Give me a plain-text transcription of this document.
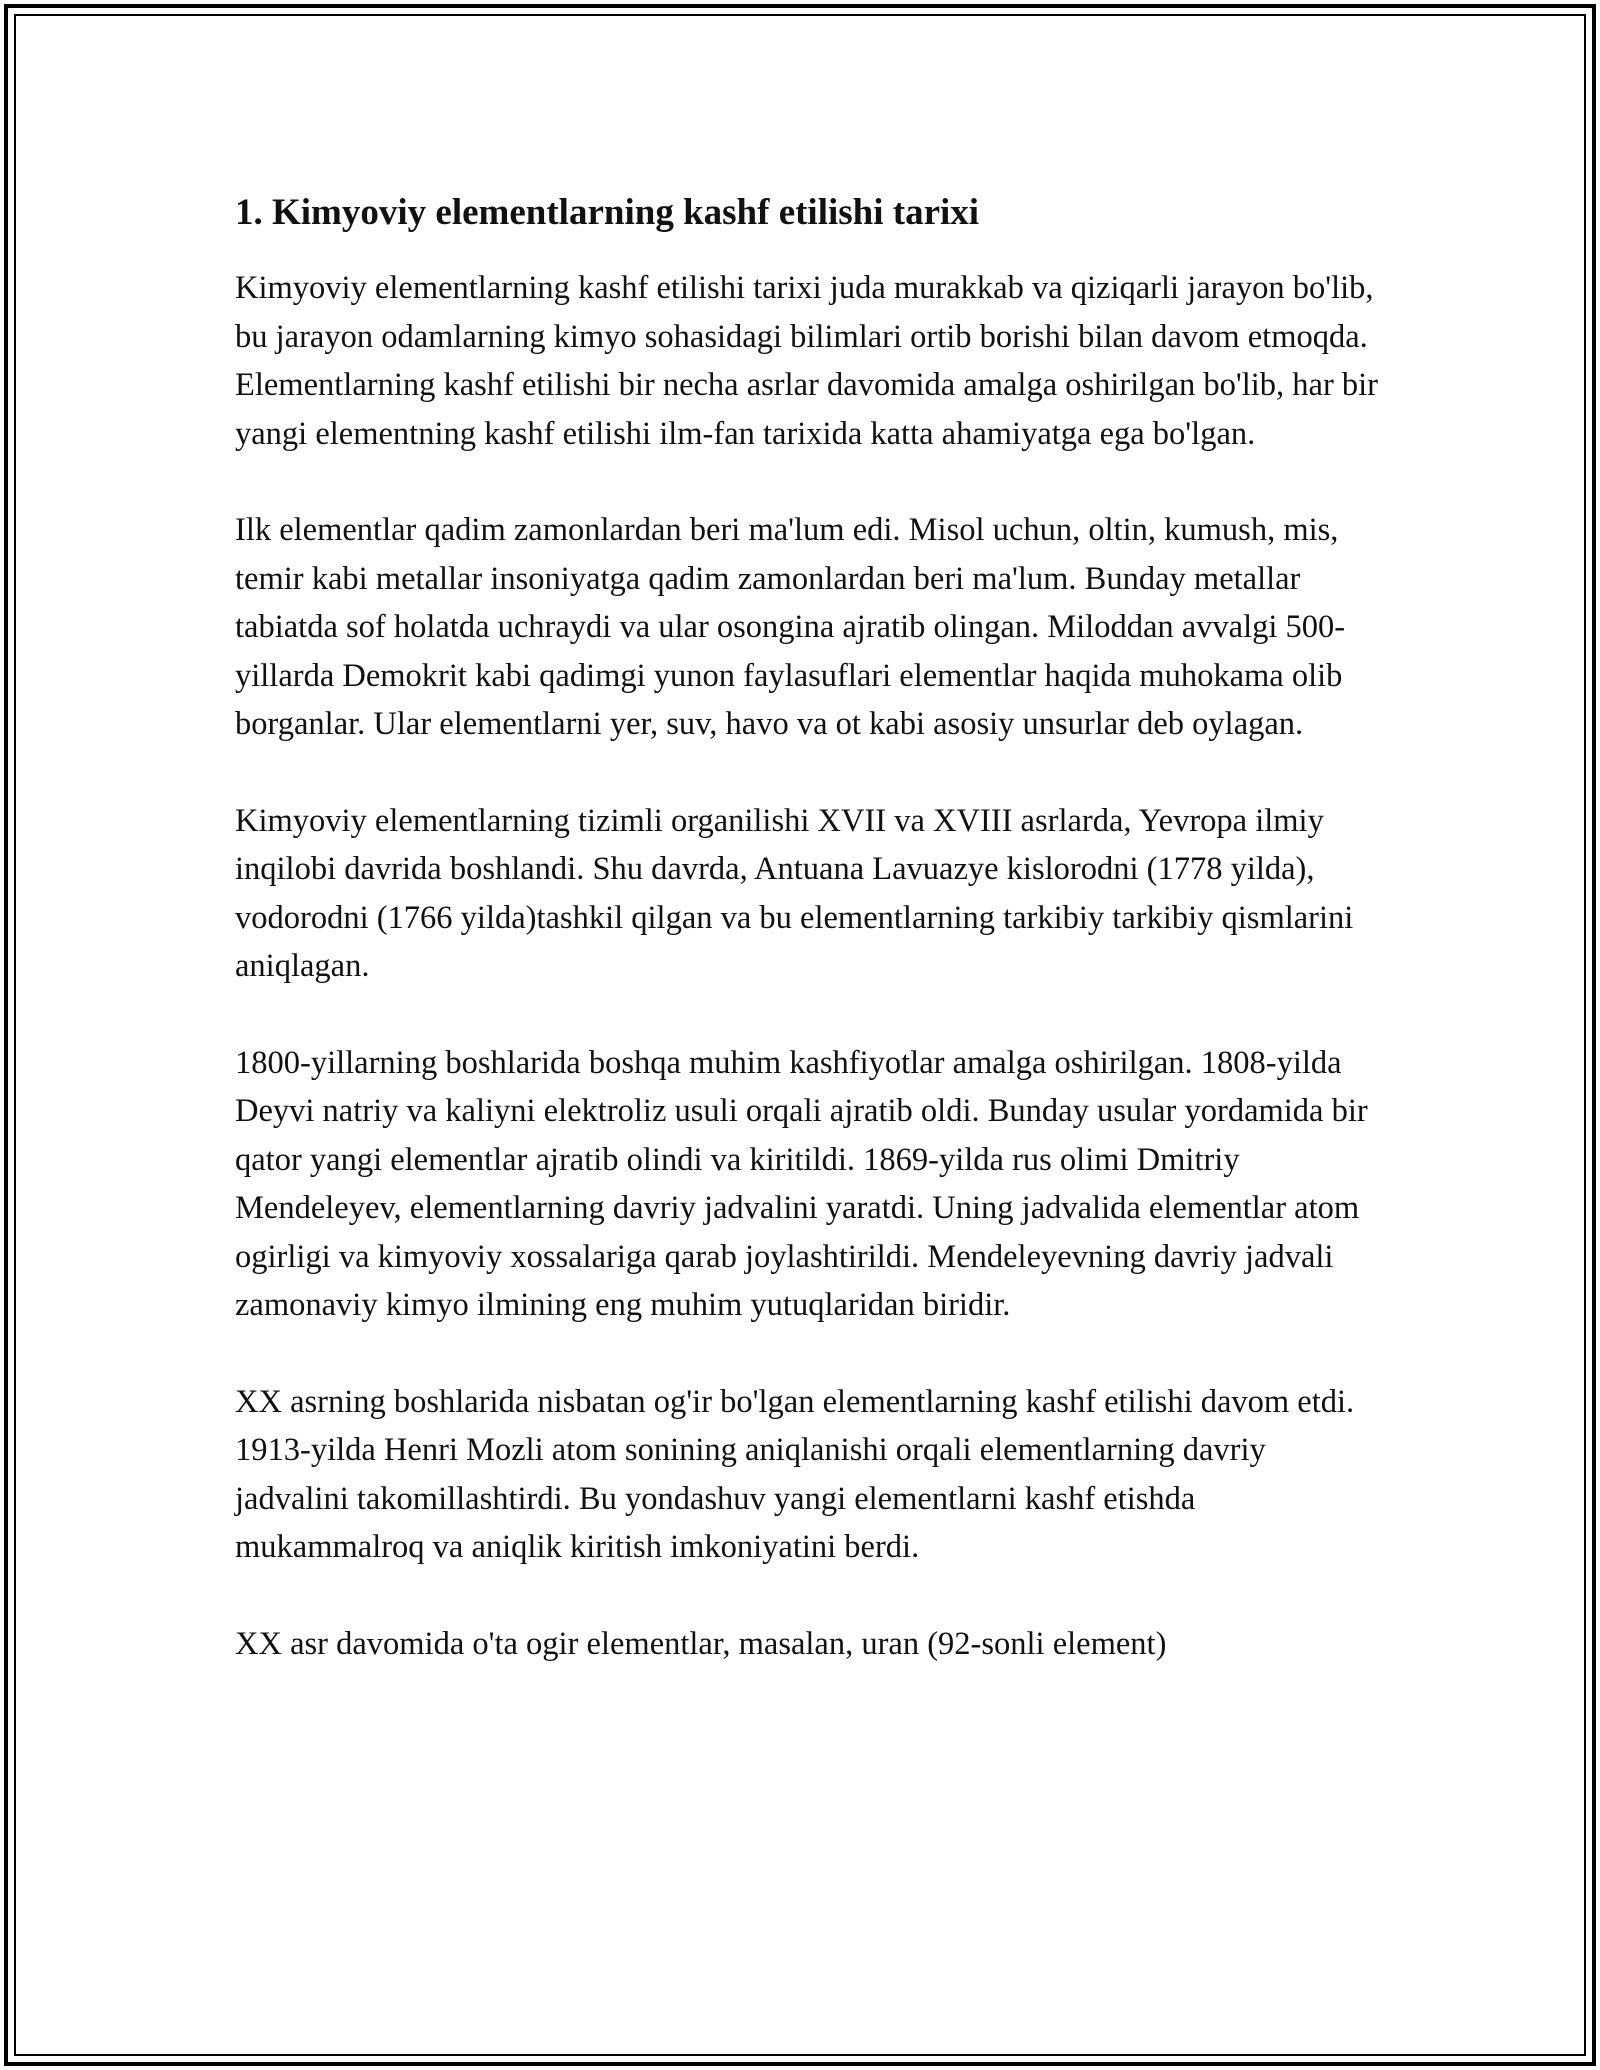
1. Kimyoviy elementlarning kashf etilishi tarixi

Kimyoviy elementlarning kashf etilishi tarixi juda murakkab va qiziqarli jarayon bo'lib, bu jarayon odamlarning kimyo sohasidagi bilimlari ortib borishi bilan davom etmoqda. Elementlarning kashf etilishi bir necha asrlar davomida amalga oshirilgan bo'lib, har bir yangi elementning kashf etilishi ilm-fan tarixida katta ahamiyatga ega bo'lgan.

Ilk elementlar qadim zamonlardan beri ma'lum edi. Misol uchun, oltin, kumush, mis, temir kabi metallar insoniyatga qadim zamonlardan beri ma'lum. Bunday metallar tabiatda sof holatda uchraydi va ular osongina ajratib olingan. Miloddan avvalgi 500-yillarda Demokrit kabi qadimgi yunon faylasuflari elementlar haqida muhokama olib borganlar. Ular elementlarni yer, suv, havo va ot kabi asosiy unsurlar deb oylagan.

Kimyoviy elementlarning tizimli organilishi XVII va XVIII asrlarda, Yevropa ilmiy inqilobi davrida boshlandi. Shu davrda, Antuana Lavuazye kislorodni (1778 yilda), vodorodni (1766 yilda)tashkil qilgan va bu elementlarning tarkibiy tarkibiy qismlarini aniqlagan.

1800-yillarning boshlarida boshqa muhim kashfiyotlar amalga oshirilgan. 1808-yilda Deyvi natriy va kaliyni elektroliz usuli orqali ajratib oldi. Bunday usular yordamida bir qator yangi elementlar ajratib olindi va kiritildi. 1869-yilda rus olimi Dmitriy Mendeleyev, elementlarning davriy jadvalini yaratdi. Uning jadvalida elementlar atom ogirligi va kimyoviy xossalariga qarab joylashtirildi. Mendeleyevning davriy jadvali zamonaviy kimyo ilmining eng muhim yutuqlaridan biridir.

XX asrning boshlarida nisbatan og'ir bo'lgan elementlarning kashf etilishi davom etdi. 1913-yilda Henri Mozli atom sonining aniqlanishi orqali elementlarning davriy jadvalini takomillashtirdi. Bu yondashuv yangi elementlarni kashf etishda mukammalroq va aniqlik kiritish imkoniyatini berdi.

XX asr davomida o'ta ogir elementlar, masalan, uran (92-sonli element)
